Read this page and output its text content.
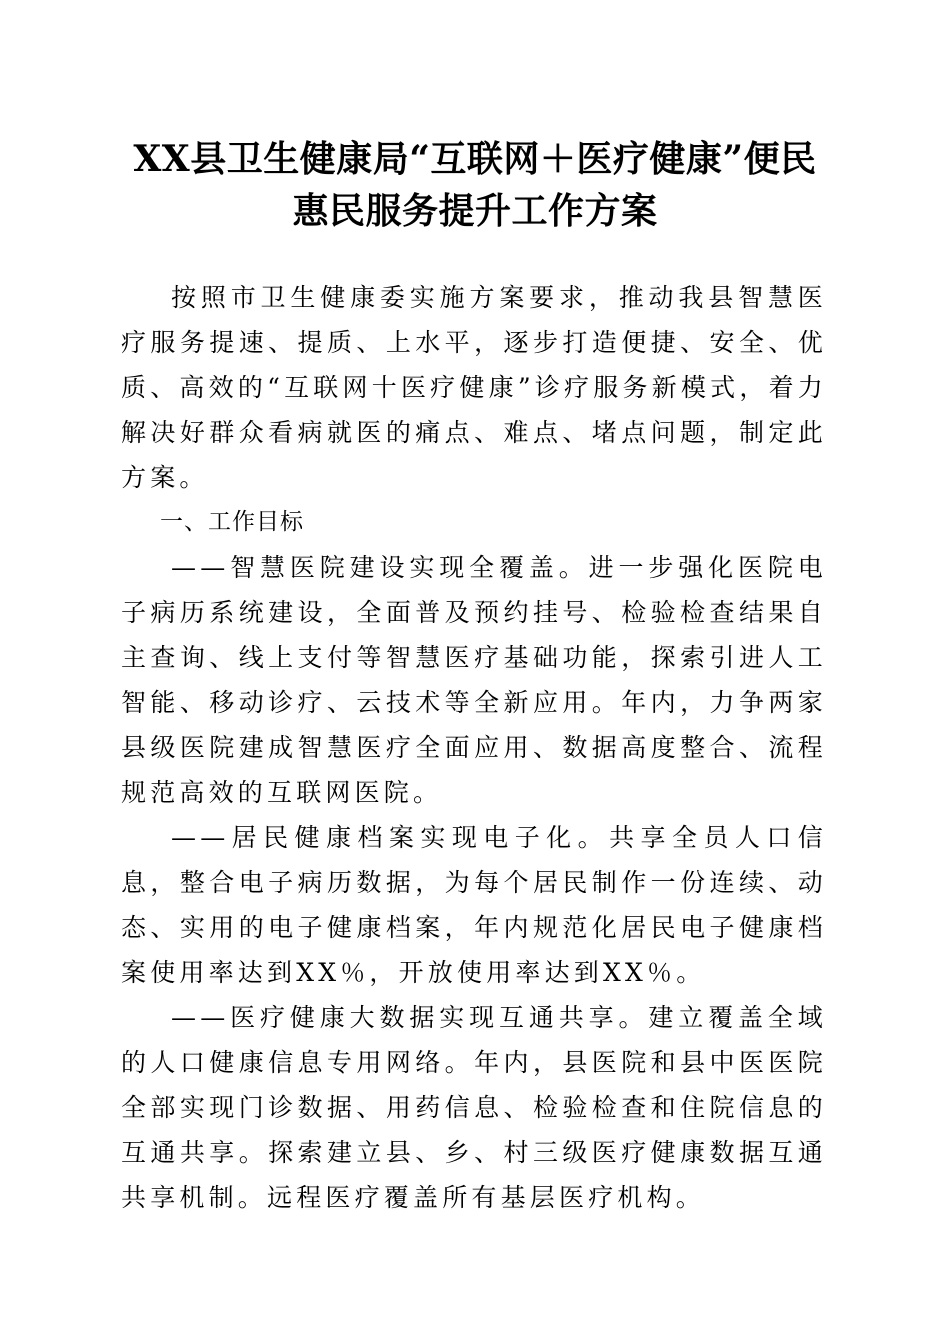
XX县卫生健康局“互联网＋医疗健康”便民
惠民服务提升工作方案

按照市卫生健康委实施方案要求，推动我县智慧医疗服务提速、提质、上水平，逐步打造便捷、安全、优质、高效的“互联网十医疗健康”诊疗服务新模式，着力解决好群众看病就医的痛点、难点、堵点问题，制定此方案。

一、工作目标

——智慧医院建设实现全覆盖。进一步强化医院电子病历系统建设，全面普及预约挂号、检验检查结果自主查询、线上支付等智慧医疗基础功能，探索引进人工智能、移动诊疗、云技术等全新应用。年内，力争两家县级医院建成智慧医疗全面应用、数据高度整合、流程规范高效的互联网医院。

——居民健康档案实现电子化。共享全员人口信息，整合电子病历数据，为每个居民制作一份连续、动态、实用的电子健康档案，年内规范化居民电子健康档案使用率达到XX％，开放使用率达到XX％。

——医疗健康大数据实现互通共享。建立覆盖全域的人口健康信息专用网络。年内，县医院和县中医医院全部实现门诊数据、用药信息、检验检查和住院信息的互通共享。探索建立县、乡、村三级医疗健康数据互通共享机制。远程医疗覆盖所有基层医疗机构。
